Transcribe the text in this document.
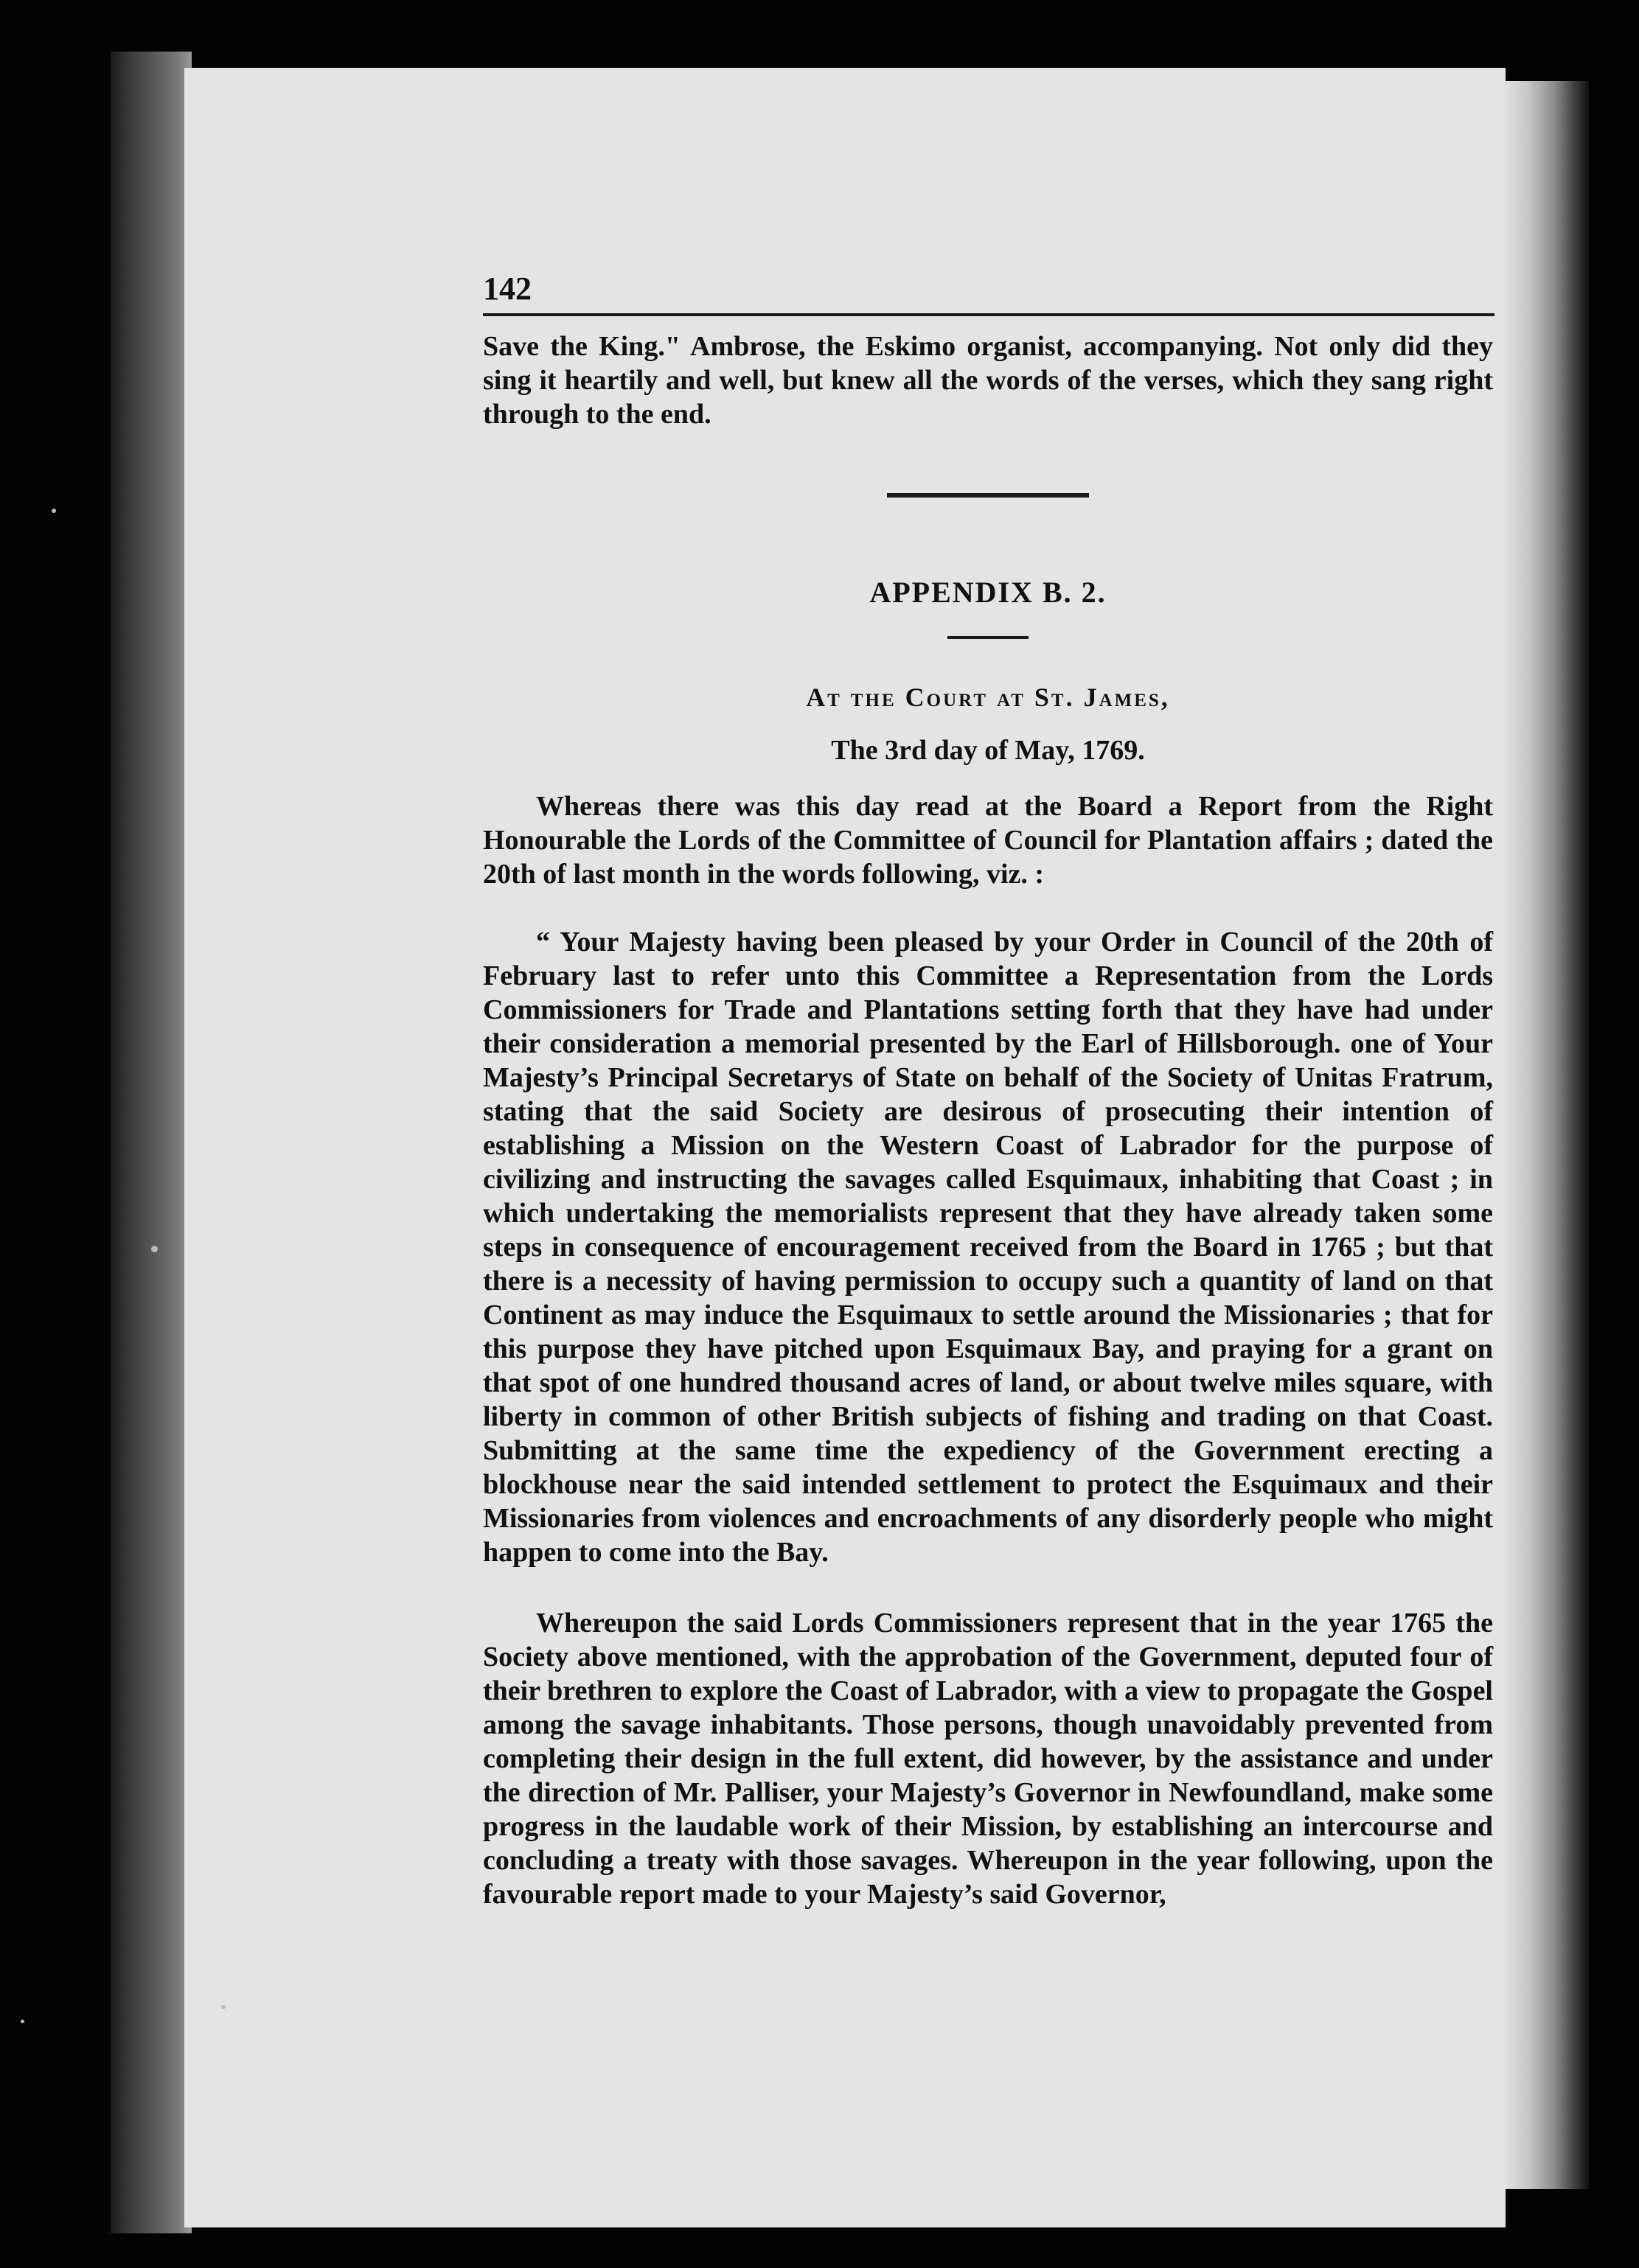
142

Save the King." Ambrose, the Eskimo organist, accompanying. Not only did they sing it heartily and well, but knew all the words of the verses, which they sang right through to the end.

APPENDIX B. 2.
At the Court at St. James,
The 3rd day of May, 1769.

Whereas there was this day read at the Board a Report from the Right Honourable the Lords of the Committee of Council for Plantation affairs ; dated the 20th of last month in the words following, viz. :

“ Your Majesty having been pleased by your Order in Council of the 20th of February last to refer unto this Committee a Representation from the Lords Commissioners for Trade and Plantations setting forth that they have had under their consideration a memorial presented by the Earl of Hillsborough. one of Your Majesty’s Principal Secretarys of State on behalf of the Society of Unitas Fratrum, stating that the said Society are desirous of prosecuting their intention of establishing a Mission on the Western Coast of Labrador for the purpose of civilizing and instructing the savages called Esquimaux, inhabiting that Coast ; in which undertaking the memorialists represent that they have already taken some steps in consequence of encouragement received from the Board in 1765 ; but that there is a necessity of having permission to occupy such a quantity of land on that Continent as may induce the Esquimaux to settle around the Missionaries ; that for this purpose they have pitched upon Esquimaux Bay, and praying for a grant on that spot of one hundred thousand acres of land, or about twelve miles square, with liberty in common of other British subjects of fishing and trading on that Coast. Submitting at the same time the expediency of the Government erecting a blockhouse near the said intended settlement to protect the Esquimaux and their Missionaries from violences and encroachments of any disorderly people who might happen to come into the Bay.

Whereupon the said Lords Commissioners represent that in the year 1765 the Society above mentioned, with the approbation of the Government, deputed four of their brethren to explore the Coast of Labrador, with a view to propagate the Gospel among the savage inhabitants. Those persons, though unavoidably prevented from completing their design in the full extent, did however, by the assistance and under the direction of Mr. Palliser, your Majesty’s Governor in Newfoundland, make some progress in the laudable work of their Mission, by establishing an intercourse and concluding a treaty with those savages. Whereupon in the year following, upon the favourable report made to your Majesty’s said Governor,
